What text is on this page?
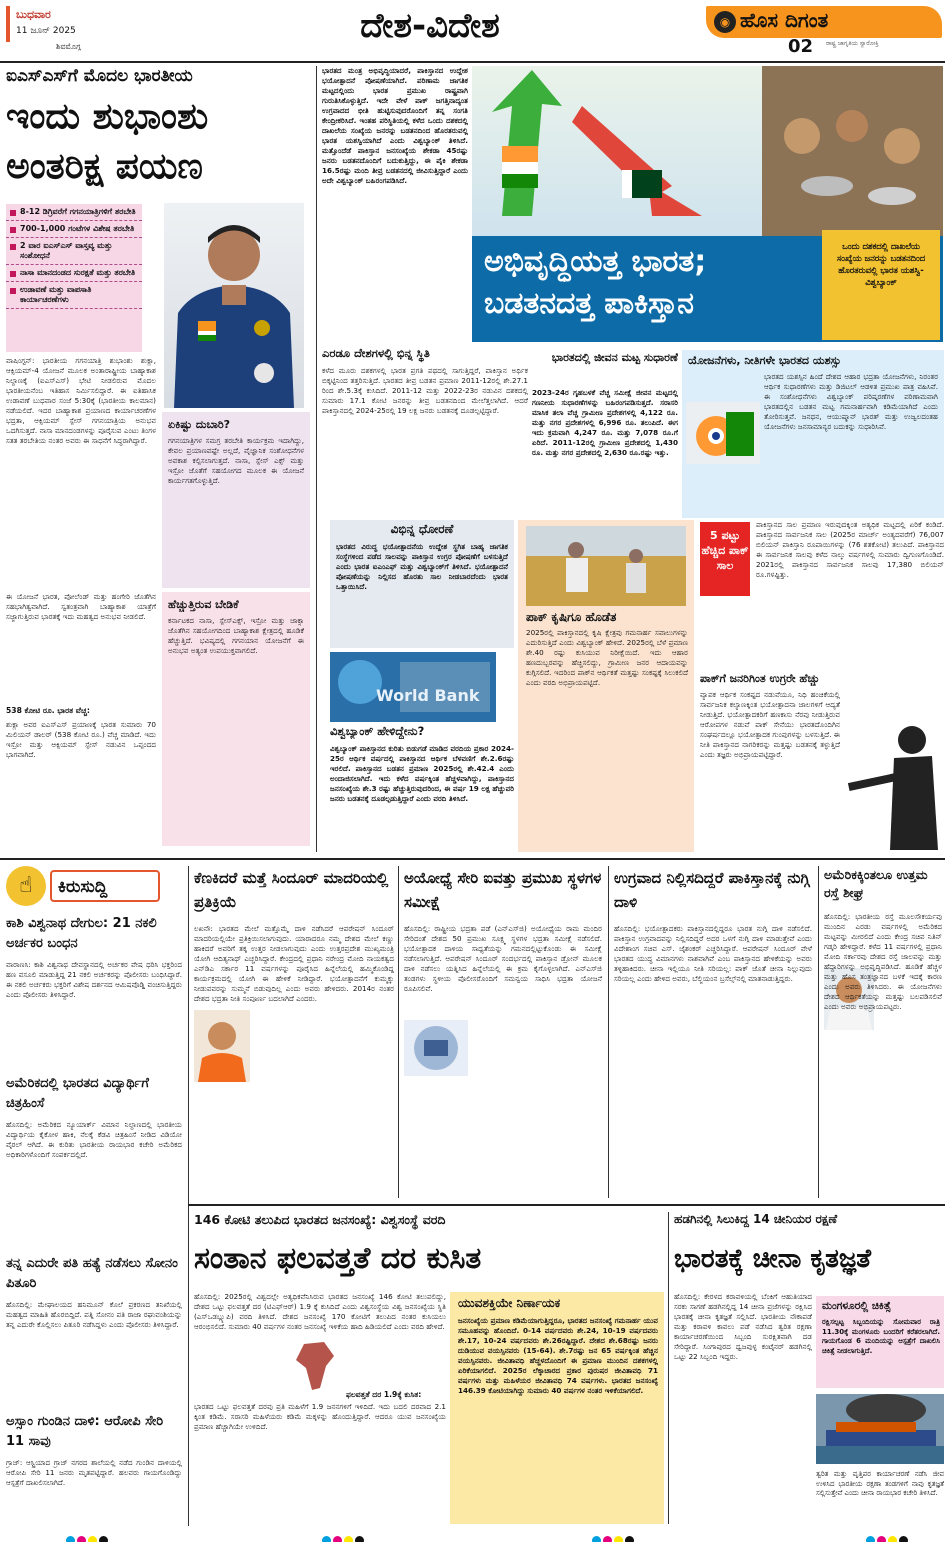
ಬುಧವಾರ
11 ಜೂನ್ 2025
ಶಿವಮೊಗ್ಗ
ದೇಶ-ವಿದೇಶ	◉ ಹೊಸ ದಿಗಂತ
ರಾಷ್ಟ್ರ ಜಾಗೃತಿಯ ಸ್ವಾರೋಕ್ತಿ
02
ಐಎಸ್‌ಎಸ್‌ಗೆ ಮೊದಲ ಭಾರತೀಯ
ಇಂದು ಶುಭಾಂಶು ಅಂತರಿಕ್ಷ ಪಯಣ
8-12 ಡಿಗ್ರಿವರೆಗೆ ಗಗನಯಾತ್ರಿಗಳಿಗೆ ತರಬೇತಿ
700-1,000 ಗಂಟೆಗಳ ವಿಶೇಷ ತರಬೇತಿ
2 ವಾರ ಐಎಸ್‌ಎಸ್ ವಾಸ್ತವ್ಯ ಮತ್ತು ಸಂಶೋಧನೆ
ನಾಸಾ ಮಾನದಂಡದ ಸುರಕ್ಷತೆ ಮತ್ತು ತರಬೇತಿ
ಉಡಾವಣೆ ಮತ್ತು ವಾಪಸಾತಿ ಕಾರ್ಯಾಚರಣೆಗಳು
ವಾಷಿಂಗ್ಟನ್: ಭಾರತೀಯ ಗಗನಯಾತ್ರಿ ಶುಭಾಂಶು ಶುಕ್ಲಾ, ಆಕ್ಸಿಯಮ್-4 ಯೋಜನೆ ಮೂಲಕ ಅಂತಾರಾಷ್ಟ್ರೀಯ ಬಾಹ್ಯಾಕಾಶ ನಿಲ್ದಾಣಕ್ಕೆ (ಐಎಸ್‌ಎಸ್) ಭೇಟಿ ನೀಡಲಿರುವ ಮೊದಲ ಭಾರತೀಯನೆಂಬ ಇತಿಹಾಸ ನಿರ್ಮಿಸಲಿದ್ದಾರೆ. ಈ ಐತಿಹಾಸಿಕ ಉಡಾವಣೆ ಬುಧವಾರ ಸಂಜೆ 5:30ಕ್ಕೆ (ಭಾರತೀಯ ಕಾಲಮಾನ) ನಡೆಯಲಿದೆ. ಇದರ ಬಾಹ್ಯಾಕಾಶ ಪ್ರಯಾಣದ ಕಾರ್ಯಾಚರಣೆಗಳ ಭದ್ರತಾ, ಆಕ್ಸಿಯಮ್ ಸ್ಪೇಸ್ ಗಗನಯಾತ್ರಿಯ ಅನುಭವ ಒದಗಿಸುತ್ತದೆ. ನಾಸಾ ಮಾನದಂಡಗಳನ್ನು ಪೂರೈಸುವ ಎಂಟು ತಿಂಗಳ ಸತತ ತರಬೇತಿಯ ನಂತರ ಅವರು ಈ ಸಾಧನೆಗೆ ಸಿದ್ಧರಾಗಿದ್ದಾರೆ.
ಈ ಯೋಜನೆ ಭಾರತ, ಪೋಲೆಂಡ್ ಮತ್ತು ಹಂಗೇರಿ ಜೊತೆಗಿನ ಸಹಭಾಗಿತ್ವವಾಗಿದೆ. ಸ್ವತಂತ್ರವಾಗಿ ಬಾಹ್ಯಾಕಾಶ ಯಾತ್ರೆಗೆ ಸಜ್ಜಾಗುತ್ತಿರುವ ಭಾರತಕ್ಕೆ ಇದು ಮಹತ್ವದ ಅನುಭವ ನೀಡಲಿದೆ.
538 ಕೋಟಿ ರೂ. ಭಾರತ ವೆಚ್ಚ:
ಶುಕ್ಲಾ ಅವರ ಐಎಸ್‌ಎಸ್ ಪ್ರಯಾಣಕ್ಕೆ ಭಾರತ ಸುಮಾರು 70 ಮಿಲಿಯನ್ ಡಾಲರ್ (538 ಕೋಟಿ ರೂ.) ವೆಚ್ಚ ಮಾಡಿದೆ. ಇದು ಇಸ್ರೋ ಮತ್ತು ಆಕ್ಸಿಯಮ್ ಸ್ಪೇಸ್ ನಡುವಿನ ಒಪ್ಪಂದದ ಭಾಗವಾಗಿದೆ.
ಏಕಿಷ್ಟು ದುಬಾರಿ?
ಗಗನಯಾತ್ರಿಗಳ ಸಮಗ್ರ ತರಬೇತಿ ಕಾರ್ಯಕ್ರಮ ಇದಾಗಿದ್ದು, ಕೇವಲ ಪ್ರಯಾಣವಷ್ಟೇ ಅಲ್ಲದೆ, ವೈಜ್ಞಾನಿಕ ಸಂಶೋಧನೆಗಳ ಅವಕಾಶ ಕಲ್ಪಿಸಲಾಗುತ್ತದೆ. ನಾಸಾ, ಸ್ಪೇಸ್ ಎಕ್ಸ್ ಮತ್ತು ಇಸ್ರೋ ಜೊತೆಗೆ ಸಹಯೋಗದ ಮೂಲಕ ಈ ಯೋಜನೆ ಕಾರ್ಯಗತಗೊಳ್ಳುತ್ತಿದೆ.
ಹೆಚ್ಚುತ್ತಿರುವ ಬೇಡಿಕೆ
ಕರ್ನಾಟಕದ ನಾಸಾ, ಸ್ಪೇಸ್‌ಎಕ್ಸ್, ಇಸ್ರೋ ಮತ್ತು ಜಾಕ್ಸಾ ಜೊತೆಗಿನ ಸಹಯೋಗದಿಂದ ಬಾಹ್ಯಾಕಾಶ ಕ್ಷೇತ್ರದಲ್ಲಿ ಹೂಡಿಕೆ ಹೆಚ್ಚುತ್ತಿದೆ. ಭವಿಷ್ಯದಲ್ಲಿ ಗಗನಯಾನ ಯೋಜನೆಗೆ ಈ ಅನುಭವ ಅತ್ಯಂತ ಉಪಯುಕ್ತವಾಗಲಿದೆ.
ಭಾರತದ ಮಂತ್ರ ಅಭಿವೃದ್ಧಿಯಾದರೆ, ಪಾಕಿಸ್ತಾನದ ಉದ್ದೇಶ ಭಯೋತ್ಪಾದನೆ ಪೋಷಣೆಯಾಗಿದೆ. ಪರಿಣಾಮ ಜಾಗತಿಕ ಮಟ್ಟದಲ್ಲಿಂದು ಭಾರತ ಪ್ರಮುಖ ರಾಷ್ಟ್ರವಾಗಿ ಗುರುತಿಸಿಕೊಳ್ಳುತ್ತಿದೆ. ಇದೇ ವೇಳೆ ಪಾಕ್ ಜಗತ್ತಿನಾದ್ಯಂತ ಉಗ್ರವಾದದ ಭೀತಿ ಹುಟ್ಟಿಸುವುದರೊಂದಿಗೆ ತನ್ನ ಸಂಗತಿ ಕೇಂದ್ರೀಕರಿಸಿದೆ. ಇಂತಹ ಪರಿಸ್ಥಿತಿಯಲ್ಲಿ ಕಳೆದ ಒಂದು ದಶಕದಲ್ಲಿ ದಾಖಲೆಯ ಸಂಖ್ಯೆಯ ಜನರನ್ನು ಬಡತನದಿಂದ ಹೊರತರುವಲ್ಲಿ ಭಾರತ ಯಶಸ್ವಿಯಾಗಿದೆ ಎಂದು ವಿಶ್ವಬ್ಯಾಂಕ್ ತಿಳಿಸಿದೆ. ಮತ್ತೊಂದೆಡೆ ಪಾಕಿಸ್ತಾನ ಜನಸಂಖ್ಯೆಯ ಶೇಕಡಾ 45ರಷ್ಟು ಜನರು ಬಡತನದೊಂದಿಗೆ ಬದುಕುತ್ತಿದ್ದು, ಈ ಪೈಕಿ ಶೇಕಡಾ 16.5ರಷ್ಟು ಮಂದಿ ತೀವ್ರ ಬಡತನದಲ್ಲಿ ಜೀವಿಸುತ್ತಿದ್ದಾರೆ ಎಂದು ಅದೇ ವಿಶ್ವಬ್ಯಾಂಕ್ ಬಹಿರಂಗಪಡಿಸಿದೆ.
ಅಭಿವೃದ್ಧಿಯತ್ತ ಭಾರತ;
ಬಡತನದತ್ತ ಪಾಕಿಸ್ತಾನ
ಒಂದು ದಶಕದಲ್ಲಿ ದಾಖಲೆಯ ಸಂಖ್ಯೆಯ ಜನರನ್ನು ಬಡತನದಿಂದ ಹೊರತರುವಲ್ಲಿ ಭಾರತ ಯಶಸ್ವಿ- ವಿಶ್ವಬ್ಯಾಂಕ್
ಎರಡೂ ದೇಶಗಳಲ್ಲಿ ಭಿನ್ನ ಸ್ಥಿತಿ
ಕಳೆದ ಮೂರು ದಶಕಗಳಲ್ಲಿ ಭಾರತ ಪ್ರಗತಿ ಪಥದಲ್ಲಿ ಸಾಗುತ್ತಿದ್ದರೆ, ಪಾಕಿಸ್ತಾನ ಅರ್ಥಿಕ ಬಿಕ್ಕಟ್ಟಿನಿಂದ ತತ್ತರಿಸುತ್ತಿದೆ. ಭಾರತದ ತೀವ್ರ ಬಡತನ ಪ್ರಮಾಣ 2011-12ರಲ್ಲಿ ಶೇ.27.1 ರಿಂದ ಶೇ.5.3ಕ್ಕೆ ಕುಸಿದಿದೆ. 2011-12 ಮತ್ತು 2022-23ರ ನಡುವಿನ ದಶಕದಲ್ಲಿ ಸುಮಾರು 17.1 ಕೋಟಿ ಜನರನ್ನು ತೀವ್ರ ಬಡತನದಿಂದ ಮೇಲೆತ್ತಲಾಗಿದೆ. ಆದರೆ ಪಾಕಿಸ್ತಾನದಲ್ಲಿ 2024-25ರಲ್ಲಿ 19 ಲಕ್ಷ ಜನರು ಬಡತನಕ್ಕೆ ದೂಡಲ್ಪಟ್ಟಿದ್ದಾರೆ.
ಭಾರತದಲ್ಲಿ ಜೀವನ ಮಟ್ಟ ಸುಧಾರಣೆ
2023-24ರ ಗೃಹಬಳಕೆ ವೆಚ್ಚ ಸಮೀಕ್ಷೆ ಜೀವನ ಮಟ್ಟದಲ್ಲಿ ಗಣನೀಯ ಸುಧಾರಣೆಗಳನ್ನು ಬಹಿರಂಗಪಡಿಸುತ್ತದೆ. ಸರಾಸರಿ ಮಾಸಿಕ ತಲಾ ವೆಚ್ಚ ಗ್ರಾಮೀಣ ಪ್ರದೇಶಗಳಲ್ಲಿ 4,122 ರೂ. ಮತ್ತು ನಗರ ಪ್ರದೇಶಗಳಲ್ಲಿ 6,996 ರೂ. ತಲುಪಿದೆ. ಈಗ ಇದು ಕ್ರಮವಾಗಿ 4,247 ರೂ. ಮತ್ತು 7,078 ರೂ.ಗೆ ಏರಿದೆ. 2011-12ರಲ್ಲಿ ಗ್ರಾಮೀಣ ಪ್ರದೇಶದಲ್ಲಿ 1,430 ರೂ. ಮತ್ತು ನಗರ ಪ್ರದೇಶದಲ್ಲಿ 2,630 ರೂ.ರಷ್ಟು ಇತ್ತು.
ಯೋಜನೆಗಳು, ನೀತಿಗಳೇ ಭಾರತದ ಯಶಸ್ಸು
ಭಾರತದ ಯಶಸ್ಸಿನ ಹಿಂದೆ ದೇಶದ ಆಹಾರ ಭದ್ರತಾ ಯೋಜನೆಗಳು, ನಿರಂತರ ಆರ್ಥಿಕ ಸುಧಾರಣೆಗಳು ಮತ್ತು ಡಿಜಿಟಲ್ ಆಡಳಿತ ಪ್ರಮುಖ ಪಾತ್ರ ವಹಿಸಿವೆ. ಈ ಸಂಶೋಧನೆಗಳು ವಿಶ್ವಬ್ಯಾಂಕ್ ಪರಿಷ್ಕರಣೆಗಳ ಪರಿಣಾಮವಾಗಿ ಭಾರತದಲ್ಲಿನ ಬಡತನ ಮಟ್ಟ ಗಮನಾರ್ಹವಾಗಿ ಕಡಿಮೆಯಾಗಿದೆ ಎಂದು ತೋರಿಸುತ್ತವೆ. ಜನಧನ, ಆಯುಷ್ಮಾನ್ ಭಾರತ್ ಮತ್ತು ಉಜ್ವಲದಂತಹ ಯೋಜನೆಗಳು ಜನಸಾಮಾನ್ಯರ ಬದುಕನ್ನು ಸುಧಾರಿಸಿವೆ.
ವಿಭಿನ್ನ ಧೋರಣೆ
ಭಾರತದ ವಿರುದ್ಧ ಭಯೋತ್ಪಾದನೆಯ ಉದ್ದೇಶ ಸ್ಥಗಿತ ಬಾಹ್ಯ ಜಾಗತಿಕ ಸಂಸ್ಥೆಗಳಿಂದ ಪಡೆದ ಸಾಲವನ್ನು ಪಾಕಿಸ್ತಾನ ಉಗ್ರರ ಪೋಷಣೆಗೆ ಬಳಸುತ್ತಿದೆ ಎಂದು ಭಾರತ ಐಎಂಎಫ್ ಮತ್ತು ವಿಶ್ವಬ್ಯಾಂಕ್‌ಗೆ ತಿಳಿಸಿದೆ. ಭಯೋತ್ಪಾದನೆ ಪೋಷಣೆಯನ್ನು ನಿಲ್ಲಿಸದ ಹೊರತು ಸಾಲ ನೀಡಬಾರದೆಂದು ಭಾರತ ಒತ್ತಾಯಿಸಿದೆ.
World Bank
ವಿಶ್ವಬ್ಯಾಂಕ್ ಹೇಳಿದ್ದೇನು?
ವಿಶ್ವಬ್ಯಾಂಕ್ ಪಾಕಿಸ್ತಾನದ ಕುರಿತು ಬಿಡುಗಡೆ ಮಾಡಿದ ವರದಿಯ ಪ್ರಕಾರ 2024-25ರ ಆರ್ಥಿಕ ವರ್ಷದಲ್ಲಿ ಪಾಕಿಸ್ತಾನದ ಆರ್ಥಿಕ ಬೆಳವಣಿಗೆ ಶೇ.2.6ರಷ್ಟು ಇರಲಿದೆ. ಪಾಕಿಸ್ತಾನದ ಬಡತನ ಪ್ರಮಾಣ 2025ರಲ್ಲಿ ಶೇ.42.4 ಎಂದು ಅಂದಾಜಿಸಲಾಗಿದೆ. ಇದು ಕಳೆದ ವರ್ಷಕ್ಕಿಂತ ಹೆಚ್ಚಳವಾಗಿದ್ದು, ಪಾಕಿಸ್ತಾನದ ಜನಸಂಖ್ಯೆಯ ಶೇ.3 ರಷ್ಟು ಹೆಚ್ಚುತ್ತಿರುವುದರಿಂದ, ಈ ವರ್ಷ 19 ಲಕ್ಷ ಹೆಚ್ಚುವರಿ ಜನರು ಬಡತನಕ್ಕೆ ದೂಡಲ್ಪಡುತ್ತಿದ್ದಾರೆ ಎಂದು ವರದಿ ತಿಳಿಸಿದೆ.
ಪಾಕ್ ಕೃಷಿಗೂ ಹೊಡೆತ
2025ರಲ್ಲಿ ಪಾಕಿಸ್ತಾನದಲ್ಲಿ ಕೃಷಿ ಕ್ಷೇತ್ರವು ಗಮನಾರ್ಹ ಸವಾಲುಗಳನ್ನು ಎದುರಿಸುತ್ತಿದೆ ಎಂದು ವಿಶ್ವಬ್ಯಾಂಕ್ ಹೇಳಿದೆ. 2025ರಲ್ಲಿ ಬೆಳೆ ಪ್ರಮಾಣ ಶೇ.40 ರಷ್ಟು ಕುಸಿಯುವ ನಿರೀಕ್ಷೆಯಿದೆ. ಇದು ಆಹಾರ ಹಣದುಬ್ಬರವನ್ನು ಹೆಚ್ಚಿಸಲಿದ್ದು, ಗ್ರಾಮೀಣ ಜನರ ಆದಾಯವನ್ನು ಕುಗ್ಗಿಸಲಿದೆ. ಇದರಿಂದ ಪಾಕ್‌ನ ಆರ್ಥಿಕತೆ ಮತ್ತಷ್ಟು ಸಂಕಷ್ಟಕ್ಕೆ ಸಿಲುಕಲಿದೆ ಎಂದು ವರದಿ ಅಭಿಪ್ರಾಯಪಟ್ಟಿದೆ.
5 ಪಟ್ಟು ಹೆಚ್ಚಿದ ಪಾಕ್ ಸಾಲ
ಪಾಕಿಸ್ತಾನದ ಸಾಲ ಪ್ರಮಾಣ ಇರುವುದಕ್ಕಿಂತ ಅತ್ಯಧಿಕ ಮಟ್ಟದಲ್ಲಿ ಏರಿಕೆ ಕಂಡಿದೆ. ಪಾಕಿಸ್ತಾನದ ಸಾರ್ವಜನಿಕ ಸಾಲ (2025ರ ಮಾರ್ಚ್ ಅಂತ್ಯದವರೆಗೆ) 76,007 ಬಿಲಿಯನ್ ಪಾಕಿಸ್ತಾನಿ ರೂಪಾಯಿಗಳನ್ನು (76 ಶತಕೋಟಿ) ತಲುಪಿದೆ. ಪಾಕಿಸ್ತಾನದ ಈ ಸಾರ್ವಜನಿಕ ಸಾಲವು ಕಳೆದ ನಾಲ್ಕು ವರ್ಷಗಳಲ್ಲಿ ಸುಮಾರು ದ್ವಿಗುಣಗೊಂಡಿದೆ. 2021ರಲ್ಲಿ ಪಾಕಿಸ್ತಾನದ ಸಾರ್ವಜನಿಕ ಸಾಲವು 17,380 ಬಿಲಿಯನ್ ರೂ.ಗಳಷ್ಟಿತ್ತು.
ಪಾಕ್‌ಗೆ ಜನರಿಗಿಂತ ಉಗ್ರರೇ ಹೆಚ್ಚು
ವ್ಯಾಪಕ ಆರ್ಥಿಕ ಸಂಕಷ್ಟದ ನಡುವೆಯೂ, ನಿಧಿ ಹಂಚಿಕೆಯಲ್ಲಿ ಸಾರ್ವಜನಿಕ ಕಲ್ಯಾಣಕ್ಕಿಂತ ಭಯೋತ್ಪಾದನಾ ಜಾಲಗಳಿಗೆ ಆದ್ಯತೆ ನೀಡುತ್ತಿದೆ. ಭಯೋತ್ಪಾದಕರಿಗೆ ಹಣಕಾಸು ನೆರವು ನೀಡುತ್ತಿರುವ ಆರೋಪಗಳ ನಡುವೆ ಪಾಕ್ ಸೇನೆಯು ಭಾರತದೊಂದಿಗಿನ ಸಂಘರ್ಷದಲ್ಲೂ ಭಯೋತ್ಪಾದಕ ಗುಂಪುಗಳನ್ನು ಬಳಸುತ್ತಿದೆ. ಈ ನೀತಿ ಪಾಕಿಸ್ತಾನದ ನಾಗರಿಕರನ್ನು ಮತ್ತಷ್ಟು ಬಡತನಕ್ಕೆ ತಳ್ಳುತ್ತಿದೆ ಎಂದು ತಜ್ಞರು ಅಭಿಪ್ರಾಯಪಟ್ಟಿದ್ದಾರೆ.
☝	ಕಿರುಸುದ್ದಿ
ಕಾಶಿ ವಿಶ್ವನಾಥ ದೇಗುಲ: 21 ನಕಲಿ ಅರ್ಚಕರ ಬಂಧನ
ವಾರಾಣಸಿ: ಕಾಶಿ ವಿಶ್ವನಾಥ ದೇವಸ್ಥಾನದಲ್ಲಿ ಅರ್ಚಕರ ವೇಷ ಧರಿಸಿ ಭಕ್ತರಿಂದ ಹಣ ವಸೂಲಿ ಮಾಡುತ್ತಿದ್ದ 21 ನಕಲಿ ಅರ್ಚಕರನ್ನು ಪೊಲೀಸರು ಬಂಧಿಸಿದ್ದಾರೆ. ಈ ನಕಲಿ ಅರ್ಚಕರು ಭಕ್ತರಿಗೆ ವಿಶೇಷ ದರ್ಶನದ ಆಮಿಷವೊಡ್ಡಿ ವಂಚಿಸುತ್ತಿದ್ದರು ಎಂದು ಪೊಲೀಸರು ತಿಳಿಸಿದ್ದಾರೆ.
ಅಮೆರಿಕದಲ್ಲಿ ಭಾರತದ ವಿದ್ಯಾರ್ಥಿಗೆ ಚಿತ್ರಹಿಂಸೆ
ಹೊಸದಿಲ್ಲಿ: ಅಮೆರಿಕದ ನ್ಯೂಯಾರ್ಕ್ ವಿಮಾನ ನಿಲ್ದಾಣದಲ್ಲಿ ಭಾರತೀಯ ವಿದ್ಯಾರ್ಥಿಯ ಕೈಕೋಳ ಹಾಕಿ, ನೆಲಕ್ಕೆ ಕೆಡವಿ ಚಿತ್ರಹಿಂಸೆ ನೀಡಿದ ವಿಡಿಯೋ ವೈರಲ್ ಆಗಿದೆ. ಈ ಕುರಿತು ಭಾರತೀಯ ರಾಯಭಾರ ಕಚೇರಿ ಅಮೆರಿಕದ ಅಧಿಕಾರಿಗಳೊಂದಿಗೆ ಸಂಪರ್ಕದಲ್ಲಿದೆ.
ತನ್ನ ಎದುರೇ ಪತಿ ಹತ್ಯೆ ನಡೆಸಲು ಸೋನಂ ಪಿತೂರಿ
ಹೊಸದಿಲ್ಲಿ: ಮೇಘಾಲಯದ ಹನಿಮೂನ್ ಕೊಲೆ ಪ್ರಕರಣದ ತನಿಖೆಯಲ್ಲಿ ಮಹತ್ವದ ಮಾಹಿತಿ ಹೊರಬಿದ್ದಿದೆ. ಪತ್ನಿ ಸೋನಂ ಪತಿ ರಾಜಾ ರಘುವಂಶಿಯನ್ನು ತನ್ನ ಎದುರೇ ಕೊಲ್ಲಿಸಲು ಪಿತೂರಿ ನಡೆಸಿದ್ದಳು ಎಂದು ಪೊಲೀಸರು ತಿಳಿಸಿದ್ದಾರೆ.
ಅಸ್ಸಾಂ ಗುಂಡಿನ ದಾಳಿ: ಆರೋಪಿ ಸೇರಿ 11 ಸಾವು
ಗ್ರಾಜ್: ಆಸ್ಟ್ರಿಯಾದ ಗ್ರಾಜ್ ನಗರದ ಶಾಲೆಯಲ್ಲಿ ನಡೆದ ಗುಂಡಿನ ದಾಳಿಯಲ್ಲಿ ಆರೋಪಿ ಸೇರಿ 11 ಜನರು ಮೃತಪಟ್ಟಿದ್ದಾರೆ. ಹಲವರು ಗಾಯಗೊಂಡಿದ್ದು ಆಸ್ಪತ್ರೆಗೆ ದಾಖಲಿಸಲಾಗಿದೆ.
ಕೆಣಕಿದರೆ ಮತ್ತೆ ಸಿಂದೂರ್ ಮಾದರಿಯಲ್ಲಿ ಪ್ರತಿಕ್ರಿಯೆ
ಲಖನೌ: ಭಾರತದ ಮೇಲೆ ಮತ್ತೊಮ್ಮೆ ದಾಳಿ ನಡೆಸಿದರೆ ಆಪರೇಷನ್ ಸಿಂದೂರ್ ಮಾದರಿಯಲ್ಲಿಯೇ ಪ್ರತಿಕ್ರಿಯಿಸಲಾಗುವುದು. ಯಾರಾದರೂ ನಮ್ಮ ದೇಶದ ಮೇಲೆ ಕಣ್ಣು ಹಾಕಿದರೆ ಅವರಿಗೆ ತಕ್ಕ ಉತ್ತರ ನೀಡಲಾಗುವುದು ಎಂದು ಉತ್ತರಪ್ರದೇಶ ಮುಖ್ಯಮಂತ್ರಿ ಯೋಗಿ ಆದಿತ್ಯನಾಥ್ ಎಚ್ಚರಿಸಿದ್ದಾರೆ. ಕೇಂದ್ರದಲ್ಲಿ ಪ್ರಧಾನಿ ನರೇಂದ್ರ ಮೋದಿ ನಾಯಕತ್ವದ ಎನ್‌ಡಿಎ ಸರ್ಕಾರ 11 ವರ್ಷಗಳನ್ನು ಪೂರೈಸಿದ ಹಿನ್ನೆಲೆಯಲ್ಲಿ ಹಮ್ಮಿಕೊಂಡಿದ್ದ ಕಾರ್ಯಕ್ರಮದಲ್ಲಿ ಯೋಗಿ ಈ ಹೇಳಿಕೆ ನೀಡಿದ್ದಾರೆ. ಭಯೋತ್ಪಾದನೆಗೆ ಕುಮ್ಮಕ್ಕು ನೀಡುವವರನ್ನು ಸುಮ್ಮನೆ ಬಿಡುವುದಿಲ್ಲ ಎಂದು ಅವರು ಹೇಳಿದರು. 2014ರ ನಂತರ ದೇಶದ ಭದ್ರತಾ ನೀತಿ ಸಂಪೂರ್ಣ ಬದಲಾಗಿದೆ ಎಂದರು.
ಅಯೋಧ್ಯೆ ಸೇರಿ ಐವತ್ತು ಪ್ರಮುಖ ಸ್ಥಳಗಳ ಸಮೀಕ್ಷೆ
ಹೊಸದಿಲ್ಲಿ: ರಾಷ್ಟ್ರೀಯ ಭದ್ರತಾ ಪಡೆ (ಎನ್‌ಎಸ್‌ಜಿ) ಅಯೋಧ್ಯೆಯ ರಾಮ ಮಂದಿರ ಸೇರಿದಂತೆ ದೇಶದ 50 ಪ್ರಮುಖ ಸೂಕ್ಷ್ಮ ಸ್ಥಳಗಳ ಭದ್ರತಾ ಸಮೀಕ್ಷೆ ನಡೆಸಲಿದೆ. ಭಯೋತ್ಪಾದಕ ದಾಳಿಯ ಸಾಧ್ಯತೆಯನ್ನು ಗಮನದಲ್ಲಿಟ್ಟುಕೊಂಡು ಈ ಸಮೀಕ್ಷೆ ನಡೆಸಲಾಗುತ್ತಿದೆ. ಆಪರೇಷನ್ ಸಿಂದೂರ್ ಸಂದರ್ಭದಲ್ಲಿ ಪಾಕಿಸ್ತಾನ ಡ್ರೋನ್ ಮೂಲಕ ದಾಳಿ ನಡೆಸಲು ಯತ್ನಿಸಿದ ಹಿನ್ನೆಲೆಯಲ್ಲಿ ಈ ಕ್ರಮ ಕೈಗೊಳ್ಳಲಾಗಿದೆ. ಎನ್‌ಎಸ್‌ಜಿ ತಂಡಗಳು ಸ್ಥಳೀಯ ಪೊಲೀಸರೊಂದಿಗೆ ಸಮನ್ವಯ ಸಾಧಿಸಿ ಭದ್ರತಾ ಯೋಜನೆ ರೂಪಿಸಲಿವೆ.
ಉಗ್ರವಾದ ನಿಲ್ಲಿಸದಿದ್ದರೆ ಪಾಕಿಸ್ತಾನಕ್ಕೆ ನುಗ್ಗಿ ದಾಳಿ
ಹೊಸದಿಲ್ಲಿ: ಭಯೋತ್ಪಾದಕರು ಪಾಕಿಸ್ತಾನದಲ್ಲಿದ್ದರೂ ಭಾರತ ನುಗ್ಗಿ ದಾಳಿ ನಡೆಸಲಿದೆ. ಪಾಕಿಸ್ತಾನ ಉಗ್ರವಾದವನ್ನು ನಿಲ್ಲಿಸದಿದ್ದರೆ ಅದರ ಒಳಗೆ ನುಗ್ಗಿ ದಾಳಿ ಮಾಡುತ್ತೇವೆ ಎಂದು ವಿದೇಶಾಂಗ ಸಚಿವ ಎಸ್. ಜೈಶಂಕರ್ ಎಚ್ಚರಿಸಿದ್ದಾರೆ. ಆಪರೇಷನ್ ಸಿಂದೂರ್ ವೇಳೆ ಭಾರತದ ಯುದ್ಧ ವಿಮಾನಗಳು ನಾಶವಾಗಿವೆ ಎಂಬ ಪಾಕಿಸ್ತಾನದ ಹೇಳಿಕೆಯನ್ನು ಅವರು ತಳ್ಳಿಹಾಕಿದರು. ಚೀನಾ ಇಲ್ಲಿಯೂ ನೀತಿ ಸರಿಯಲ್ಲ: ಪಾಕ್ ಜೊತೆ ಚೀನಾ ನಿಲ್ಲುವುದು ಸರಿಯಲ್ಲ ಎಂದು ಹೇಳಿದ ಅವರು, ಬೆಲ್ಜಿಯಂನ ಬ್ರಸೆಲ್ಸ್‌ನಲ್ಲಿ ಮಾತನಾಡುತ್ತಿದ್ದರು.
ಅಮೆರಿಕಕ್ಕಿಂತಲೂ ಉತ್ತಮ ರಸ್ತೆ ಶೀಘ್ರ
ಹೊಸದಿಲ್ಲಿ: ಭಾರತೀಯ ರಸ್ತೆ ಮೂಲಸೌಕರ್ಯವು ಮುಂದಿನ ಎರಡು ವರ್ಷಗಳಲ್ಲಿ ಅಮೆರಿಕದ ಮಟ್ಟವನ್ನು ಮೀರಲಿದೆ ಎಂದು ಕೇಂದ್ರ ಸಚಿವ ನಿತಿನ್ ಗಡ್ಕರಿ ಹೇಳಿದ್ದಾರೆ. ಕಳೆದ 11 ವರ್ಷಗಳಲ್ಲಿ ಪ್ರಧಾನಿ ಮೋದಿ ಸರ್ಕಾರವು ದೇಶದ ರಸ್ತೆ ಜಾಲವನ್ನು ಮತ್ತು ಹೆದ್ದಾರಿಗಳನ್ನು ಅಭಿವೃದ್ಧಿಪಡಿಸಿದೆ. ಹೂಡಿಕೆ ಹೆಚ್ಚಳ ಮತ್ತು ಹೊಸ ತಂತ್ರಜ್ಞಾನದ ಬಳಕೆ ಇದಕ್ಕೆ ಕಾರಣ ಎಂದು ಅವರು ತಿಳಿಸಿದರು. ಈ ಯೋಜನೆಗಳು ದೇಶದ ಆರ್ಥಿಕತೆಯನ್ನು ಮತ್ತಷ್ಟು ಬಲಪಡಿಸಲಿವೆ ಎಂದು ಅವರು ಅಭಿಪ್ರಾಯಪಟ್ಟರು.
146 ಕೋಟಿ ತಲುಪಿದ ಭಾರತದ ಜನಸಂಖ್ಯೆ: ವಿಶ್ವಸಂಸ್ಥೆ ವರದಿ
ಸಂತಾನ ಫಲವತ್ತತೆ ದರ ಕುಸಿತ
ಹೊಸದಿಲ್ಲಿ: 2025ರಲ್ಲಿ ವಿಶ್ವದಲ್ಲೇ ಅತ್ಯಧಿಕವೆನಿಸಿರುವ ಭಾರತದ ಜನಸಂಖ್ಯೆ 146 ಕೋಟಿ ತಲುಪಲಿದ್ದು, ದೇಶದ ಒಟ್ಟು ಫಲವತ್ತತೆ ದರ (ಟಿಎಫ್‌ಆರ್) 1.9 ಕ್ಕೆ ಕುಸಿದಿದೆ ಎಂದು ವಿಶ್ವಸಂಸ್ಥೆಯ ವಿಶ್ವ ಜನಸಂಖ್ಯೆಯ ಸ್ಥಿತಿ (ಎಸ್‌ಒಡಬ್ಲ್ಯುಪಿ) ವರದಿ ತಿಳಿಸಿದೆ. ದೇಶದ ಜನಸಂಖ್ಯೆ 170 ಕೋಟಿಗೆ ತಲುಪಿದ ನಂತರ ಕುಸಿಯಲು ಆರಂಭಿಸಲಿದೆ. ಸುಮಾರು 40 ವರ್ಷಗಳ ನಂತರ ಜನಸಂಖ್ಯೆ ಇಳಿಕೆಯ ಹಾದಿ ಹಿಡಿಯಲಿದೆ ಎಂದು ವರದಿ ಹೇಳಿದೆ.
ಫಲವತ್ತತೆ ದರ 1.9ಕ್ಕೆ ಕುಸಿತ:
ಭಾರತದ ಒಟ್ಟು ಫಲವತ್ತತೆ ದರವು ಪ್ರತಿ ಮಹಿಳೆಗೆ 1.9 ಜನನಗಳಿಗೆ ಇಳಿದಿದೆ. ಇದು ಬದಲಿ ದರವಾದ 2.1 ಕ್ಕಿಂತ ಕಡಿಮೆ. ಸರಾಸರಿ ಮಹಿಳೆಯರು ಕಡಿಮೆ ಮಕ್ಕಳನ್ನು ಹೊಂದುತ್ತಿದ್ದಾರೆ. ಆದರೂ ಯುವ ಜನಸಂಖ್ಯೆಯ ಪ್ರಮಾಣ ಹೆಚ್ಚಾಗಿಯೇ ಉಳಿದಿದೆ.
ಯುವಶಕ್ತಿಯೇ ನಿರ್ಣಾಯಕ
ಜನಸಂಖ್ಯೆಯ ಪ್ರಮಾಣ ಕಡಿಮೆಯಾಗುತ್ತಿದ್ದರೂ, ಭಾರತದ ಜನಸಂಖ್ಯೆ ಗಮನಾರ್ಹ ಯುವ ಸಮೂಹವನ್ನು ಹೊಂದಿದೆ. 0-14 ವರ್ಷದವರು ಶೇ.24, 10-19 ವರ್ಷದವರು ಶೇ.17, 10-24 ವರ್ಷದವರು ಶೇ.26ರಷ್ಟಿದ್ದಾರೆ. ದೇಶದ ಶೇ.68ರಷ್ಟು ಜನರು ದುಡಿಯುವ ವಯಸ್ಸಿನವರು (15-64). ಶೇ.7ರಷ್ಟು ಜನ 65 ವರ್ಷಕ್ಕಿಂತ ಹೆಚ್ಚಿನ ವಯಸ್ಸಿನವರು. ಜೀವಿತಾವಧಿ ಹೆಚ್ಚಳದೊಂದಿಗೆ ಈ ಪ್ರಮಾಣ ಮುಂದಿನ ದಶಕಗಳಲ್ಲಿ ಏರಿಕೆಯಾಗಲಿದೆ. 2025ರ ಲೆಕ್ಕಾಚಾರದ ಪ್ರಕಾರ ಪುರುಷರ ಜೀವಿತಾವಧಿ 71 ವರ್ಷಗಳು ಮತ್ತು ಮಹಿಳೆಯರ ಜೀವಿತಾವಧಿ 74 ವರ್ಷಗಳು. ಭಾರತದ ಜನಸಂಖ್ಯೆ 146.39 ಕೋಟಿಯಾಗಿದ್ದು ಸುಮಾರು 40 ವರ್ಷಗಳ ನಂತರ ಇಳಿಕೆಯಾಗಲಿದೆ.
ಹಡಗಿನಲ್ಲಿ ಸಿಲುಕಿದ್ದ 14 ಚೀನಿಯರ ರಕ್ಷಣೆ
ಭಾರತಕ್ಕೆ ಚೀನಾ ಕೃತಜ್ಞತೆ
ಹೊಸದಿಲ್ಲಿ: ಕೇರಳದ ಕರಾವಳಿಯಲ್ಲಿ ಬೆಂಕಿಗೆ ಆಹುತಿಯಾದ ಸರಕು ಸಾಗಣೆ ಹಡಗಿನಲ್ಲಿದ್ದ 14 ಚೀನಾ ಪ್ರಜೆಗಳನ್ನು ರಕ್ಷಿಸಿದ ಭಾರತಕ್ಕೆ ಚೀನಾ ಕೃತಜ್ಞತೆ ಸಲ್ಲಿಸಿದೆ. ಭಾರತೀಯ ನೌಕಾಪಡೆ ಮತ್ತು ಕರಾವಳಿ ಕಾವಲು ಪಡೆ ನಡೆಸಿದ ತ್ವರಿತ ರಕ್ಷಣಾ ಕಾರ್ಯಾಚರಣೆಯಿಂದ ಸಿಬ್ಬಂದಿ ಸುರಕ್ಷಿತವಾಗಿ ದಡ ಸೇರಿದ್ದಾರೆ. ಸಿಂಗಾಪುರದ ಧ್ವಜವುಳ್ಳ ಕಂಟೈನರ್ ಹಡಗಿನಲ್ಲಿ ಒಟ್ಟು 22 ಸಿಬ್ಬಂದಿ ಇದ್ದರು.
ಮಂಗಳೂರಲ್ಲಿ ಚಿಕಿತ್ಸೆ
ರಕ್ಷಿಸಲ್ಪಟ್ಟ ಸಿಬ್ಬಂದಿಯನ್ನು ಸೋಮವಾರ ರಾತ್ರಿ 11.30ಕ್ಕೆ ಮಂಗಳೂರು ಬಂದರಿಗೆ ಕರೆತರಲಾಗಿದೆ. ಗಾಯಗೊಂಡ 6 ಮಂದಿಯನ್ನು ಆಸ್ಪತ್ರೆಗೆ ದಾಖಲಿಸಿ ಚಿಕಿತ್ಸೆ ನೀಡಲಾಗುತ್ತಿದೆ.
ತ್ವರಿತ ಮತ್ತು ವೃತ್ತಿಪರ ಕಾರ್ಯಾಚರಣೆ ನಡೆಸಿ ಜೀವ ಉಳಿಸಿದ ಭಾರತೀಯ ರಕ್ಷಣಾ ತಂಡಗಳಿಗೆ ನಾವು ಕೃತಜ್ಞತೆ ಸಲ್ಲಿಸುತ್ತೇವೆ ಎಂದು ಚೀನಾ ರಾಯಭಾರ ಕಚೇರಿ ತಿಳಿಸಿದೆ.
